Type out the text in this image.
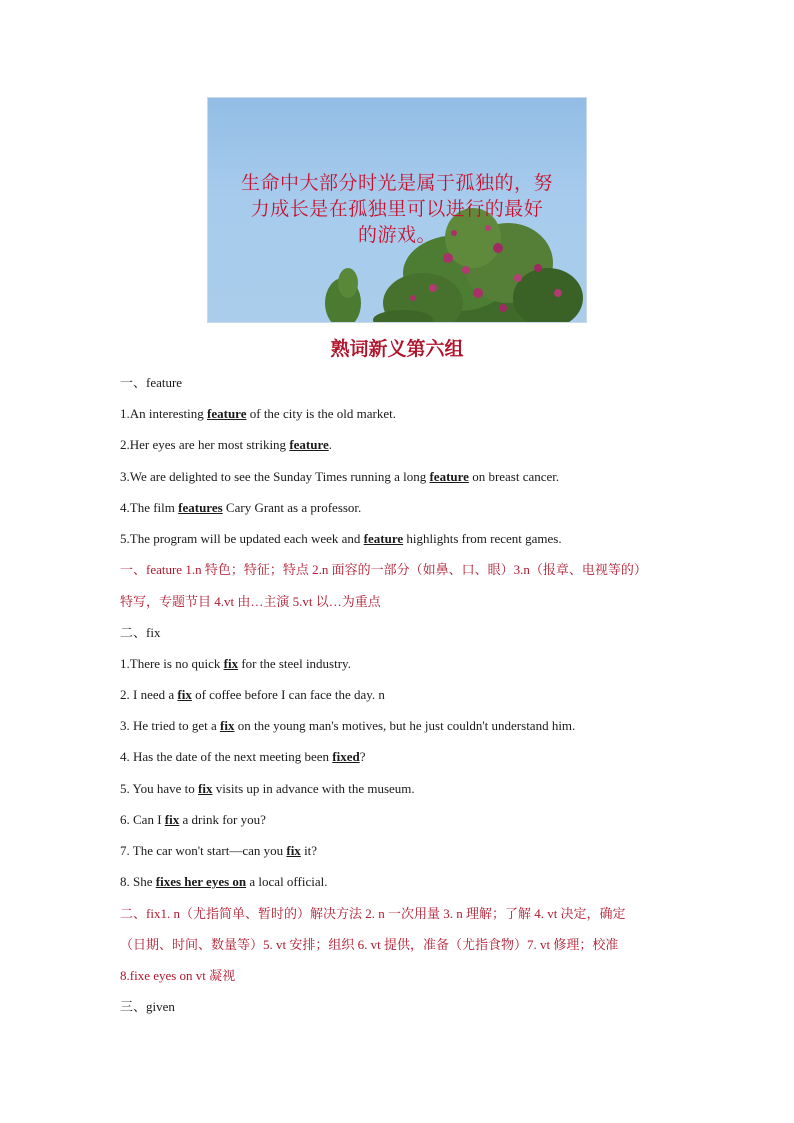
生命中大部分时光是属于孤独的，努
力成长是在孤独里可以进行的最好
的游戏。
熟词新义第六组
一、feature
1.An interesting feature of the city is the old market.
2.Her eyes are her most striking feature.
3.We are delighted to see the Sunday Times running a long feature on breast cancer.
4.The film features Cary Grant as a professor.
5.The program will be updated each week and feature highlights from recent games.
一、feature 1.n 特色；特征；特点 2.n 面容的一部分（如鼻、口、眼）3.n（报章、电视等的）
特写，专题节目 4.vt 由…主演 5.vt 以…为重点
二、fix
1.There is no quick fix for the steel industry.
2. I need a fix of coffee before I can face the day. n
3. He tried to get a fix on the young man's motives, but he just couldn't understand him.
4. Has the date of the next meeting been fixed?
5. You have to fix visits up in advance with the museum.
6. Can I fix a drink for you?
7. The car won't start—can you fix it?
8. She fixes her eyes on a local official.
二、fix1. n（尤指简单、暂时的）解决方法 2. n 一次用量 3. n 理解；了解 4. vt 决定，确定
（日期、时间、数量等）5. vt 安排；组织 6. vt 提供，准备（尤指食物）7. vt 修理；校准
8.fixe eyes on vt 凝视
三、given
